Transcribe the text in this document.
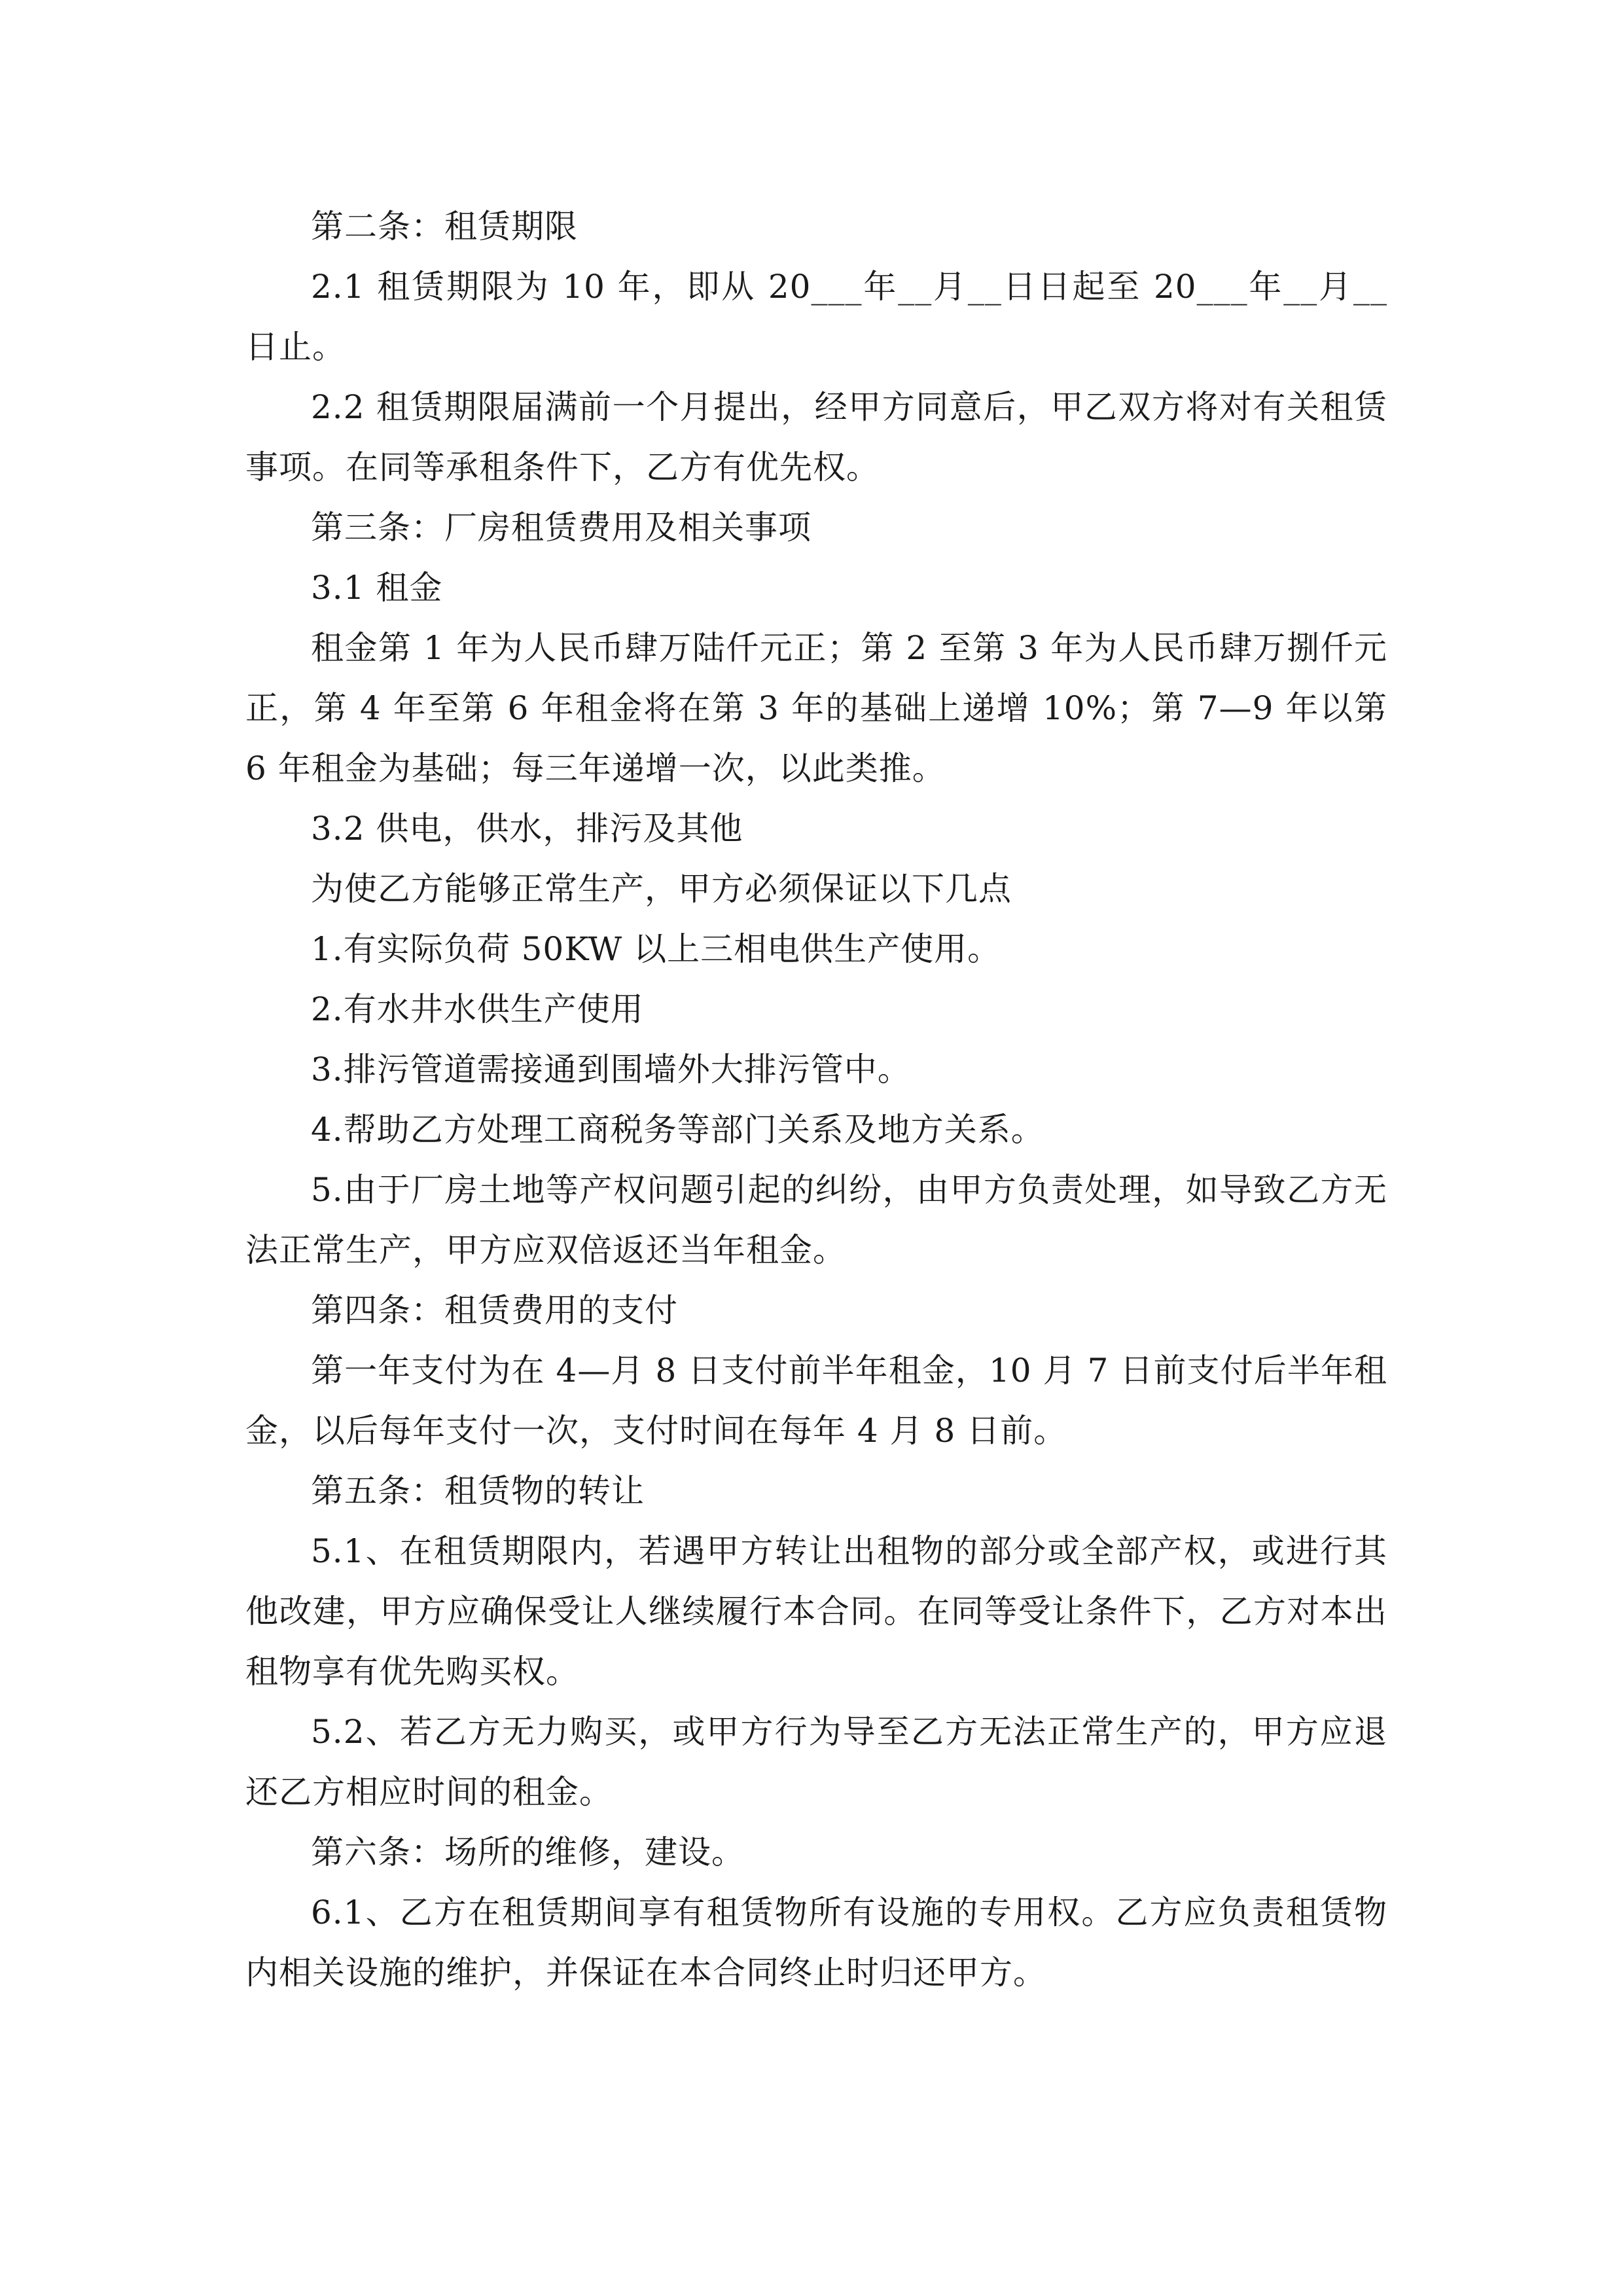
第二条：租赁期限

2.1 租赁期限为 10 年，即从 20___年__月__日日起至 20___年__月__日止。

2.2 租赁期限届满前一个月提出，经甲方同意后，甲乙双方将对有关租赁事项。在同等承租条件下，乙方有优先权。

第三条：厂房租赁费用及相关事项

3.1 租金

租金第 1 年为人民币肆万陆仟元正；第 2 至第 3 年为人民币肆万捌仟元正，第 4 年至第 6 年租金将在第 3 年的基础上递增 10%；第 7—9 年以第 6 年租金为基础；每三年递增一次，以此类推。

3.2 供电，供水，排污及其他

为使乙方能够正常生产，甲方必须保证以下几点

1.有实际负荷 50KW 以上三相电供生产使用。

2.有水井水供生产使用

3.排污管道需接通到围墙外大排污管中。

4.帮助乙方处理工商税务等部门关系及地方关系。

5.由于厂房土地等产权问题引起的纠纷，由甲方负责处理，如导致乙方无法正常生产，甲方应双倍返还当年租金。

第四条：租赁费用的支付

第一年支付为在 4—月 8 日支付前半年租金，10 月 7 日前支付后半年租金，以后每年支付一次，支付时间在每年 4 月 8 日前。

第五条：租赁物的转让

5.1、在租赁期限内，若遇甲方转让出租物的部分或全部产权，或进行其他改建，甲方应确保受让人继续履行本合同。在同等受让条件下，乙方对本出租物享有优先购买权。

5.2、若乙方无力购买，或甲方行为导至乙方无法正常生产的，甲方应退还乙方相应时间的租金。

第六条：场所的维修，建设。

6.1、乙方在租赁期间享有租赁物所有设施的专用权。乙方应负责租赁物内相关设施的维护，并保证在本合同终止时归还甲方。
